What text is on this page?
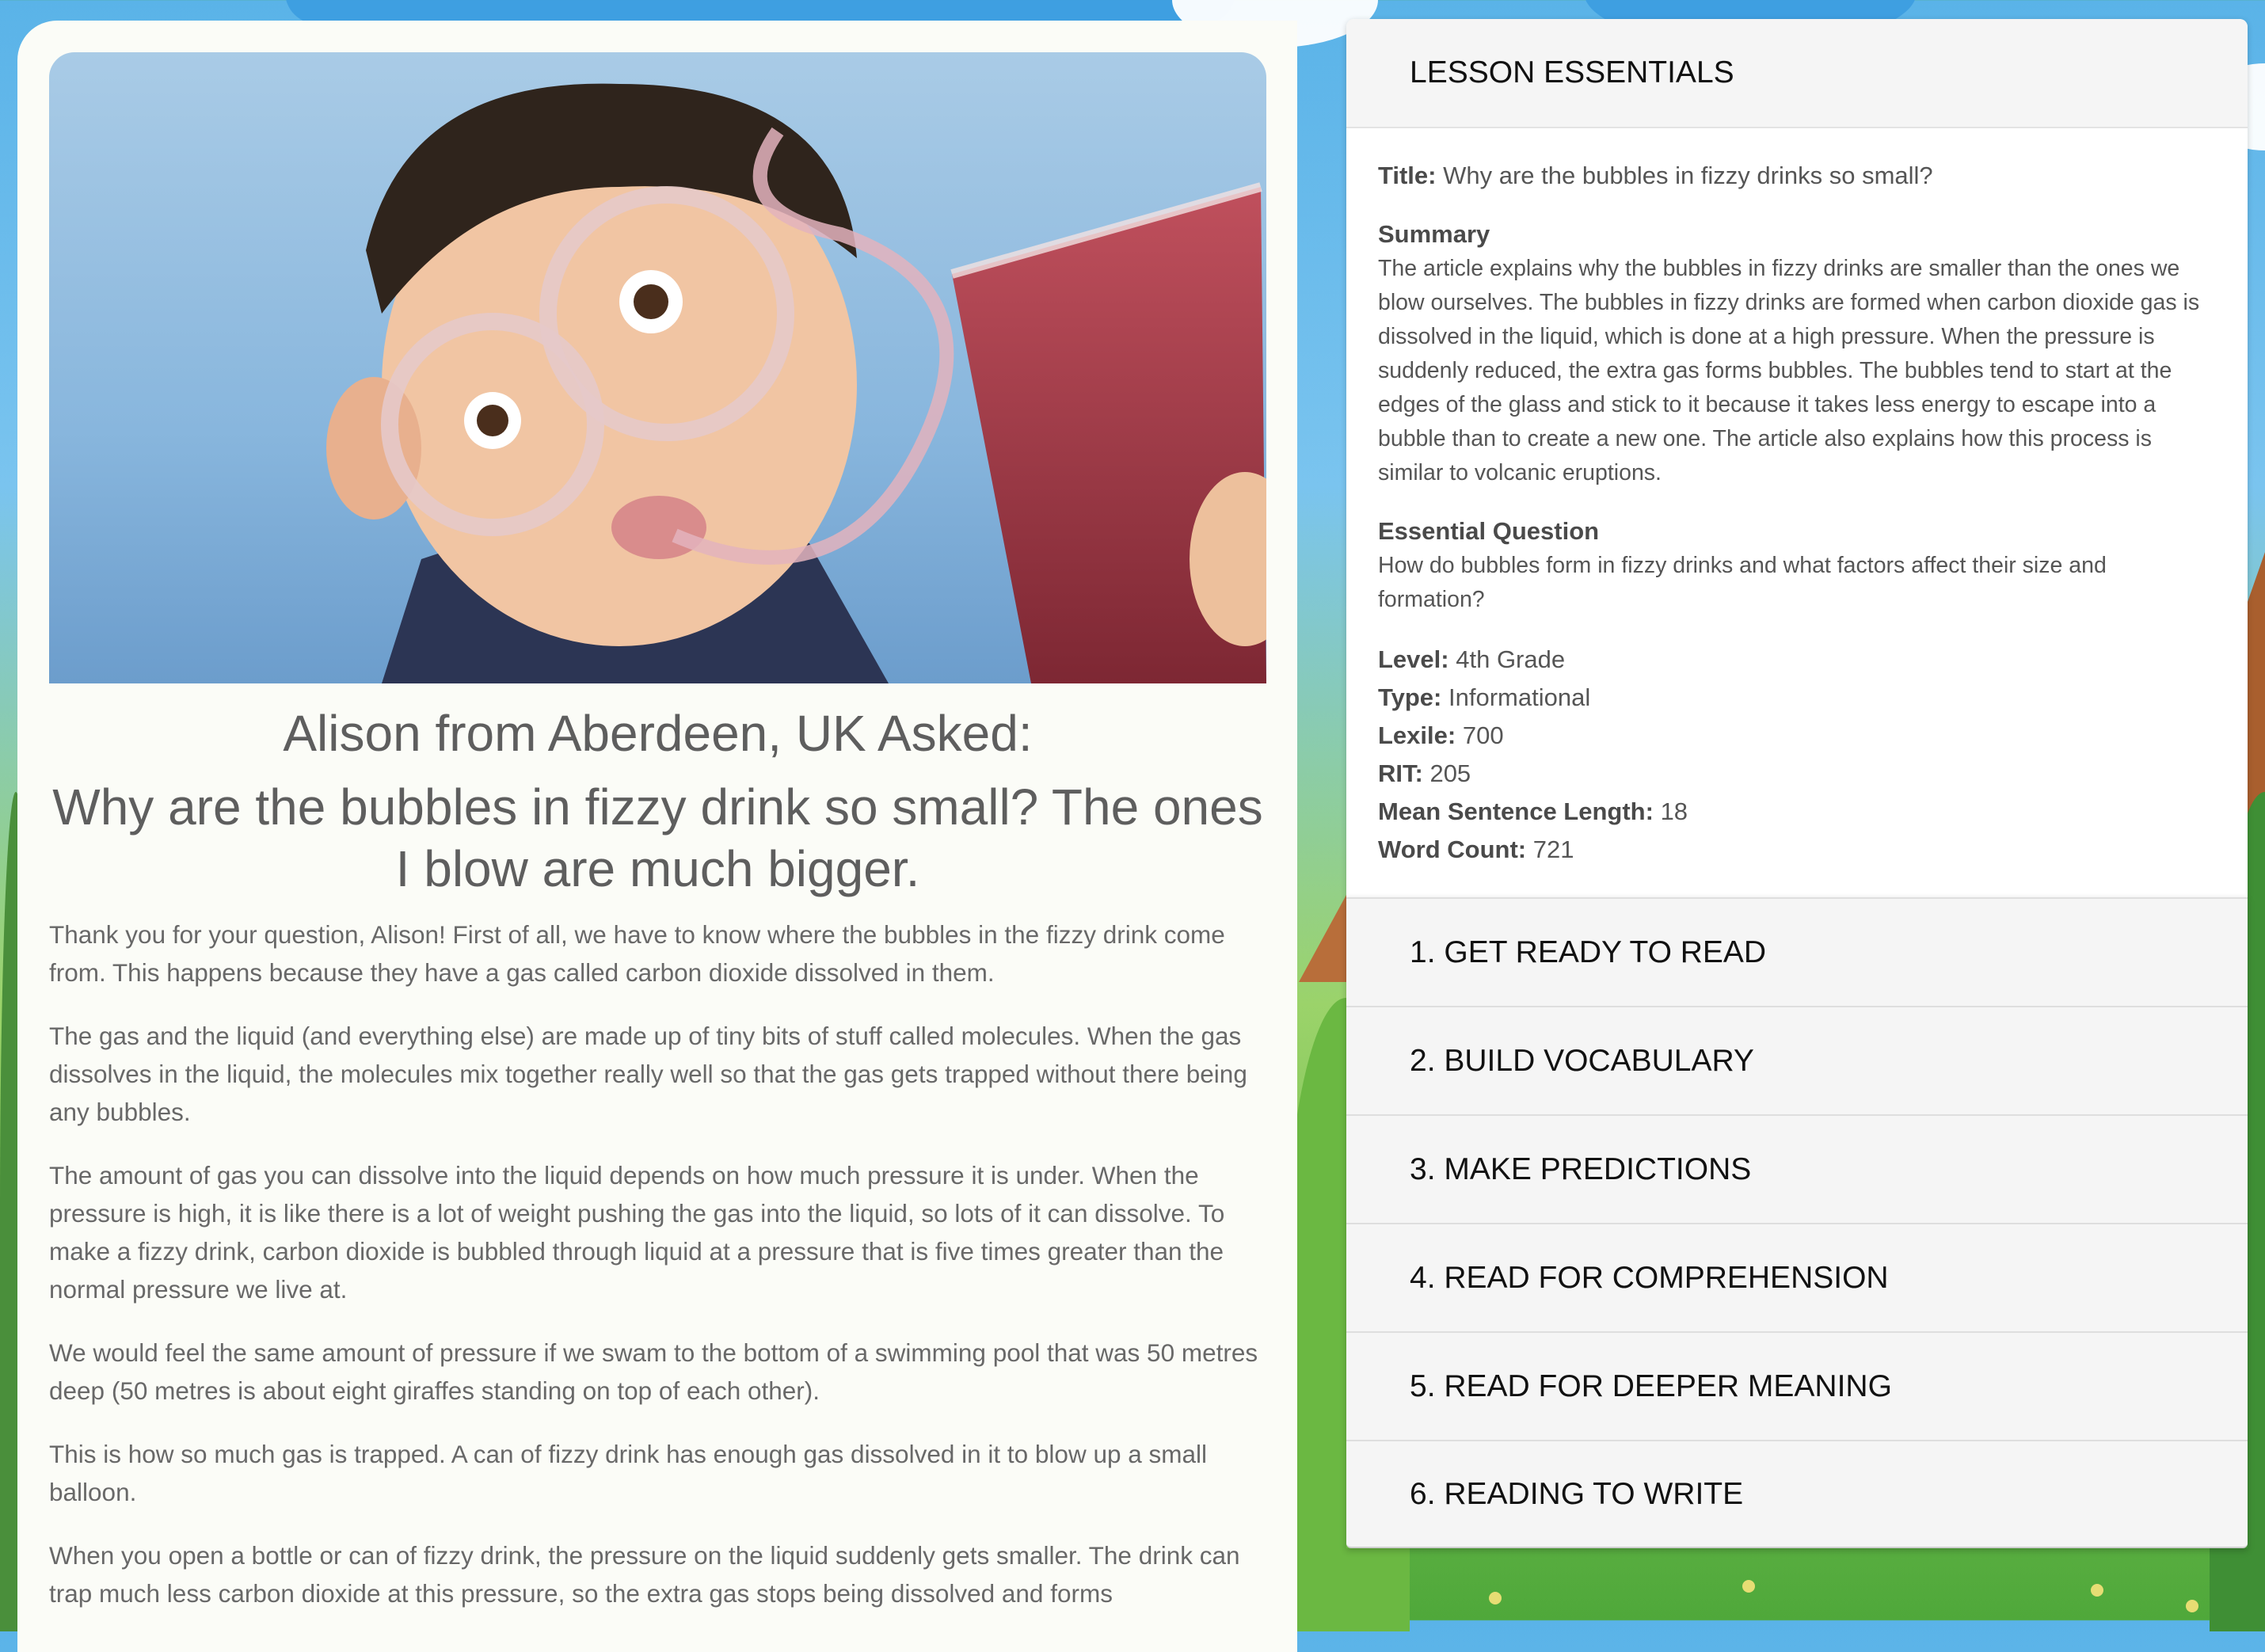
Alison from Aberdeen, UK Asked:
Why are the bubbles in fizzy drink so small? The ones I blow are much bigger.

Thank you for your question, Alison! First of all, we have to know where the bubbles in the fizzy drink come from. This happens because they have a gas called carbon dioxide dissolved in them.

The gas and the liquid (and everything else) are made up of tiny bits of stuff called molecules. When the gas dissolves in the liquid, the molecules mix together really well so that the gas gets trapped without there being any bubbles.

The amount of gas you can dissolve into the liquid depends on how much pressure it is under. When the pressure is high, it is like there is a lot of weight pushing the gas into the liquid, so lots of it can dissolve. To make a fizzy drink, carbon dioxide is bubbled through liquid at a pressure that is five times greater than the normal pressure we live at.

We would feel the same amount of pressure if we swam to the bottom of a swimming pool that was 50 metres deep (50 metres is about eight giraffes standing on top of each other).

This is how so much gas is trapped. A can of fizzy drink has enough gas dissolved in it to blow up a small balloon.

When you open a bottle or can of fizzy drink, the pressure on the liquid suddenly gets smaller. The drink can trap much less carbon dioxide at this pressure, so the extra gas stops being dissolved and forms

LESSON ESSENTIALS

Title: Why are the bubbles in fizzy drinks so small?

Summary

The article explains why the bubbles in fizzy drinks are smaller than the ones we blow ourselves. The bubbles in fizzy drinks are formed when carbon dioxide gas is dissolved in the liquid, which is done at a high pressure. When the pressure is suddenly reduced, the extra gas forms bubbles. The bubbles tend to start at the edges of the glass and stick to it because it takes less energy to escape into a bubble than to create a new one. The article also explains how this process is similar to volcanic eruptions.

Essential Question

How do bubbles form in fizzy drinks and what factors affect their size and formation?

Level: 4th Grade

Type: Informational

Lexile: 700

RIT: 205

Mean Sentence Length: 18

Word Count: 721

1. GET READY TO READ
2. BUILD VOCABULARY
3. MAKE PREDICTIONS
4. READ FOR COMPREHENSION
5. READ FOR DEEPER MEANING
6. READING TO WRITE
